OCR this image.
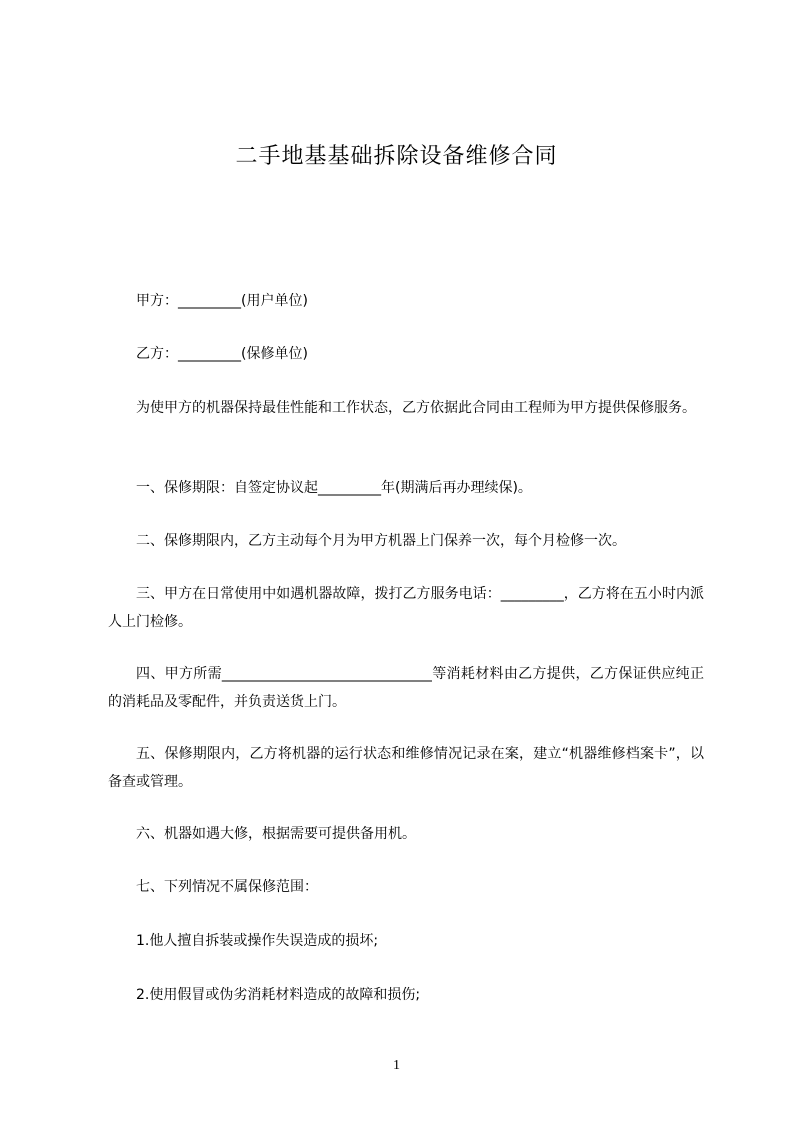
二手地基基础拆除设备维修合同
甲方：_________(用户单位)
乙方：_________(保修单位)
为使甲方的机器保持最佳性能和工作状态，乙方依据此合同由工程师为甲方提供保修服务。
一、保修期限：自签定协议起_________年(期满后再办理续保)。
二、保修期限内，乙方主动每个月为甲方机器上门保养一次，每个月检修一次。
三、甲方在日常使用中如遇机器故障，拨打乙方服务电话：_________，乙方将在五小时内派人上门检修。
四、甲方所需______________________________等消耗材料由乙方提供，乙方保证供应纯正的消耗品及零配件，并负责送货上门。
五、保修期限内，乙方将机器的运行状态和维修情况记录在案，建立“机器维修档案卡”，以备查或管理。
六、机器如遇大修，根据需要可提供备用机。
七、下列情况不属保修范围：
1.他人擅自拆装或操作失误造成的损坏;
2.使用假冒或伪劣消耗材料造成的故障和损伤;
1
